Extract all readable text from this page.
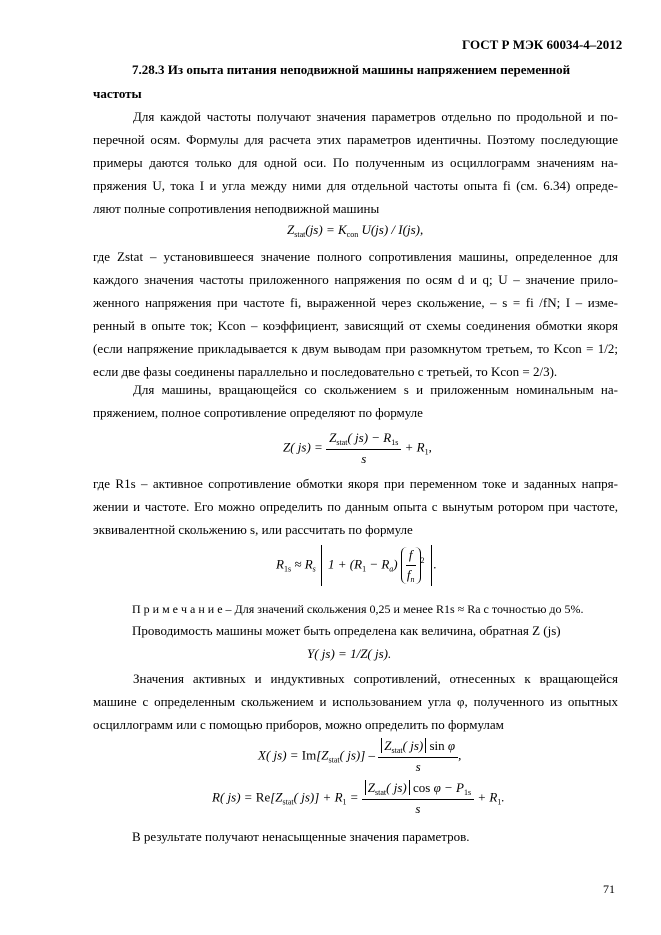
ГОСТ Р МЭК 60034-4–2012
7.28.3 Из опыта питания неподвижной машины напряжением переменной
частоты
Для каждой частоты получают значения параметров отдельно по продольной и по-
перечной осям. Формулы для расчета этих параметров идентичны. Поэтому последующие
примеры даются только для одной оси. По полученным из осциллограмм значениям на-
пряжения U, тока I и угла между ними для отдельной частоты опыта fi (см. 6.34) опреде-
ляют полные сопротивления неподвижной машины
$Z_{stat}(js) = K_{con}$ U(js) / I(js),
где Zstat – установившееся значение полного сопротивления машины, определенное для
каждого значения частоты приложенного напряжения по осям d и q; U – значение прило-
женного напряжения при частоте fi, выраженной через скольжение, – s = fi /fN; I – изме-
ренный в опыте ток; Kcon – коэффициент, зависящий от схемы соединения обмотки якоря
(если напряжение прикладывается к двум выводам при разомкнутом третьем, то Kcon = 1/2;
если две фазы соединены параллельно и последовательно с третьей, то Kcon = 2/3).
Для машины, вращающейся со скольжением s и приложенным номинальным на-
пряжением, полное сопротивление определяют по формуле
Z( $js) = \frac{Z_{stat}( js) - R_{1s}}{s} + R_1$,
где R1s – активное сопротивление обмотки якоря при переменном токе и заданных напря-
жении и частоте. Его можно определить по данным опыта с вынутым ротором при частоте,
эквивалентной скольжению s, или рассчитать по формуле
$R_{1s} \approx R_s$ $1 + (R_1 - R_a) \frac{f}{f_n} ^2$ .
П р и м е ч а н и е – Для значений скольжения 0,25 и менее R1s ≈ Ra с точностью до 5%.
Проводимость машины может быть определена как величина, обратная Z (js)
Y( js) = 1/Z( js).
Значения активных и индуктивных сопротивлений, отнесенных к вращающейся
машине с определенным скольжением и использованием угла φ, полученного из опытных
осциллограмм или с помощью приборов, можно определить по формулам
X( $js) = Im[Z_{stat}$( $js)] - \frac{Z_{stat}( js) \sin \varphi}{s}$ ,
R( $js) = Re[Z_{stat}$( $js)] + R_1 = \frac{Z_{stat}( js) \cos \varphi - P_{1s}}{s} + R_1$.
В результате получают ненасыщенные значения параметров.
71
